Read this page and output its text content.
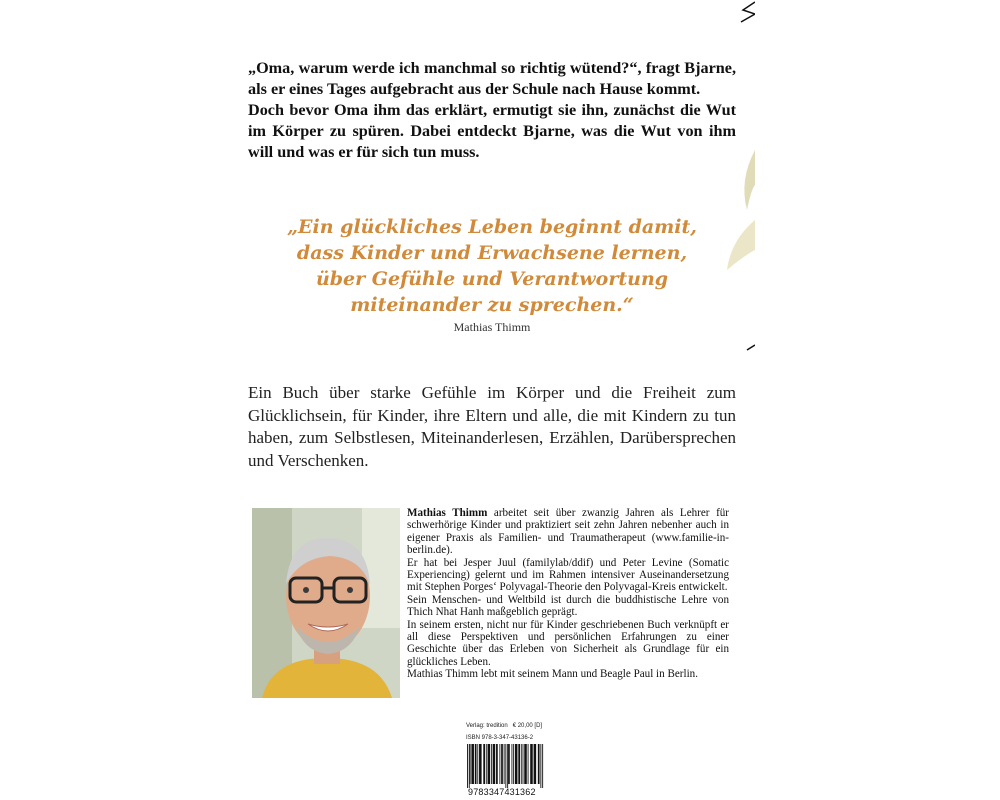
„Oma, warum werde ich manchmal so richtig wütend?“, fragt Bjarne, als er eines Tages aufgebracht aus der Schule nach Hause kommt.

Doch bevor Oma ihm das erklärt, ermutigt sie ihn, zunächst die Wut im Körper zu spüren. Dabei entdeckt Bjarne, was die Wut von ihm will und was er für sich tun muss.

„Ein glückliches Leben beginnt damit,
dass Kinder und Erwachsene lernen,
über Gefühle und Verantwortung
miteinander zu sprechen.“
Mathias Thimm
Ein Buch über starke Gefühle im Körper und die Freiheit zum Glücklichsein, für Kinder, ihre Eltern und alle, die mit Kindern zu tun haben, zum Selbstlesen, Miteinanderlesen, Erzählen, Darübersprechen und Verschenken.

Mathias Thimm arbeitet seit über zwanzig Jahren als Lehrer für schwerhörige Kinder und praktiziert seit zehn Jahren nebenher auch in eigener Praxis als Familien- und Traumatherapeut (www.familie-in-berlin.de).

Er hat bei Jesper Juul (familylab/ddif) und Peter Levine (Somatic Experiencing) gelernt und im Rahmen intensiver Auseinandersetzung mit Stephen Porges‘ Polyvagal-Theorie den Polyvagal-Kreis entwickelt.

Sein Menschen- und Weltbild ist durch die buddhistische Lehre von Thich Nhat Hanh maßgeblich geprägt.

In seinem ersten, nicht nur für Kinder geschriebenen Buch verknüpft er all diese Perspektiven und persönlichen Erfahrungen zu einer Geschichte über das Erleben von Sicherheit als Grundlage für ein glückliches Leben.

Mathias Thimm lebt mit seinem Mann und Beagle Paul in Berlin.

Verlag: tredition € 20,00 [D]
ISBN 978-3-347-43136-2
9783347431362
